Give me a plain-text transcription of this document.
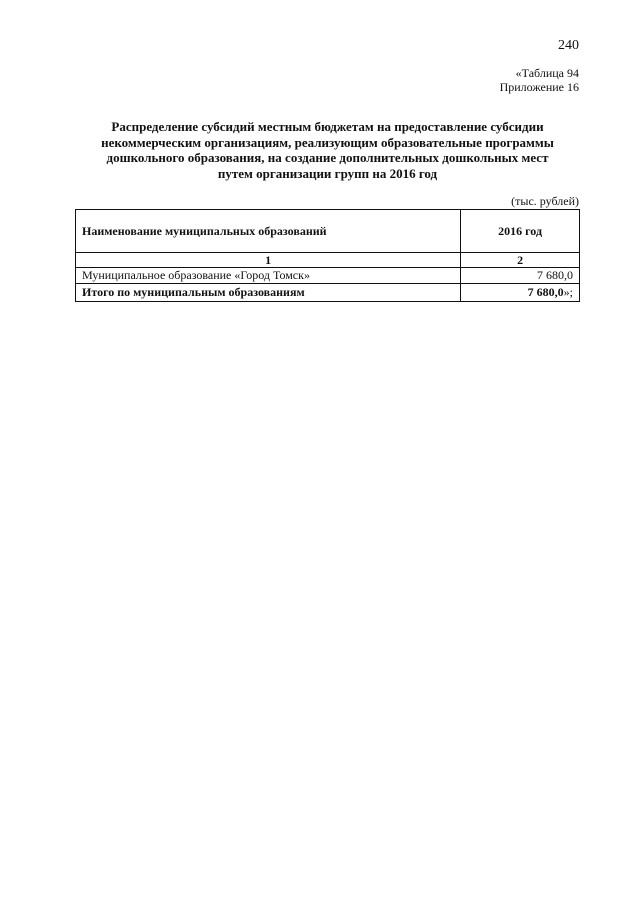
240
«Таблица 94
Приложение 16
Распределение субсидий местным бюджетам на предоставление субсидии
некоммерческим организациям, реализующим образовательные программы
дошкольного образования, на создание дополнительных дошкольных мест
путем организации групп на 2016 год
(тыс. рублей)
Наименование муниципальных образований	2016 год
1	2
Муниципальное образование «Город Томск»	7 680,0
Итого по муниципальным образованиям	7 680,0»;
